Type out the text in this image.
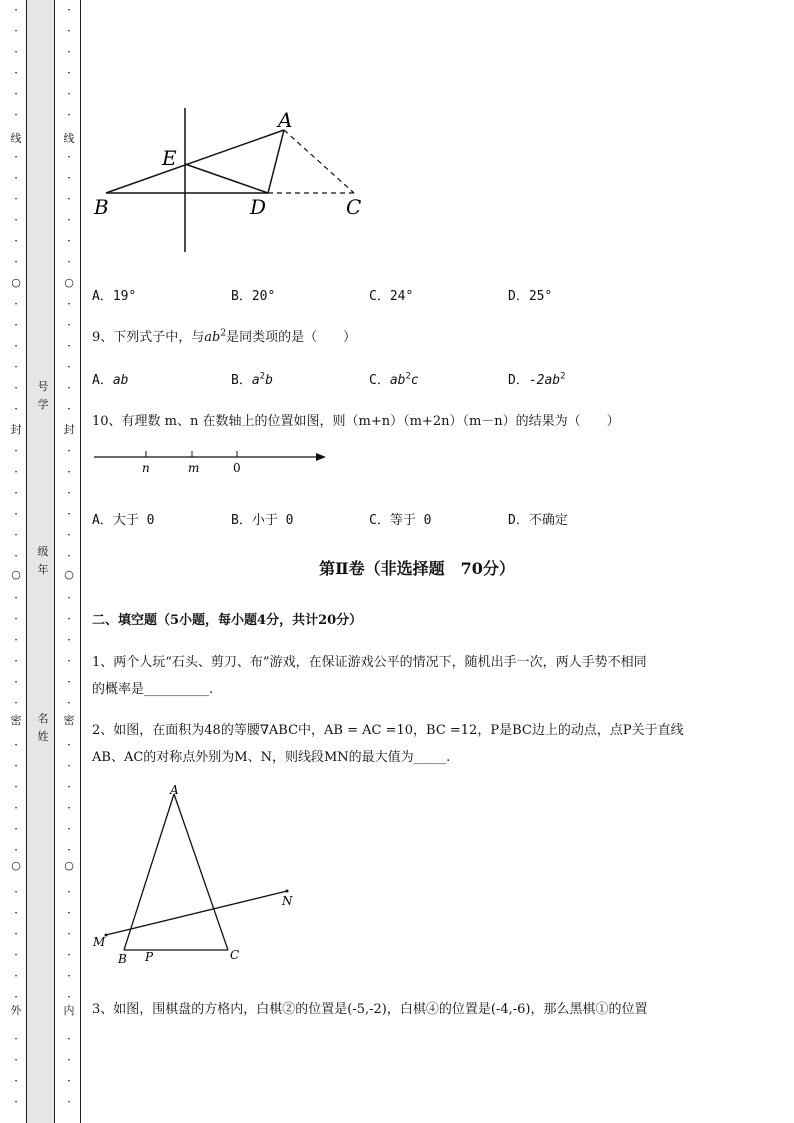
·
·
·
·
·
·
·
·
·
·
·
·
·
·
·
·
·
·
·
·
·
·
·
·
·
·
·
·
·
·
·
·
·
·
·
·
·
·
·
·
·
·
·
·
·
·
线
○
封
○
密
○
外
·
·
·
·
·
·
·
·
·
·
·
·
·
·
·
·
·
·
·
·
·
·
·
·
·
·
·
·
·
·
·
·
·
·
·
·
·
·
·
·
·
·
·
·
·
·
线
○
封
○
密
○
内
号学
级年
名姓
A
E
B	D	C
A．19°	B．20°	C．24°	D．25°
9、下列式子中，与$ab^2$是同类项的是（　　）
A．ab	B．$a^2b$	C．$ab^2c$	D．$-2ab^2$
10、有理数 m、n 在数轴上的位置如图，则（m+n）（m+2n）（m－n）的结果为（　　）
n	m	0
A．大于 0	B．小于 0	C．等于 0	D．不确定
第Ⅱ卷（非选择题　70分）
二、填空题（5小题，每小题4分，共计20分）
1、两个人玩“石头、剪刀、布”游戏，在保证游戏公平的情况下，随机出手一次，两人手势不相同
的概率是__________.
2、如图，在面积为48的等腰∇ABC中，AB = AC =10，BC =12，P是BC边上的动点，点P关于直线
AB、AC的对称点外别为M、N，则线段MN的最大值为_____.
A
N
M
B P	C
3、如图，围棋盘的方格内，白棋②的位置是(-5,-2)，白棋④的位置是(-4,-6)，那么黑棋①的位置
